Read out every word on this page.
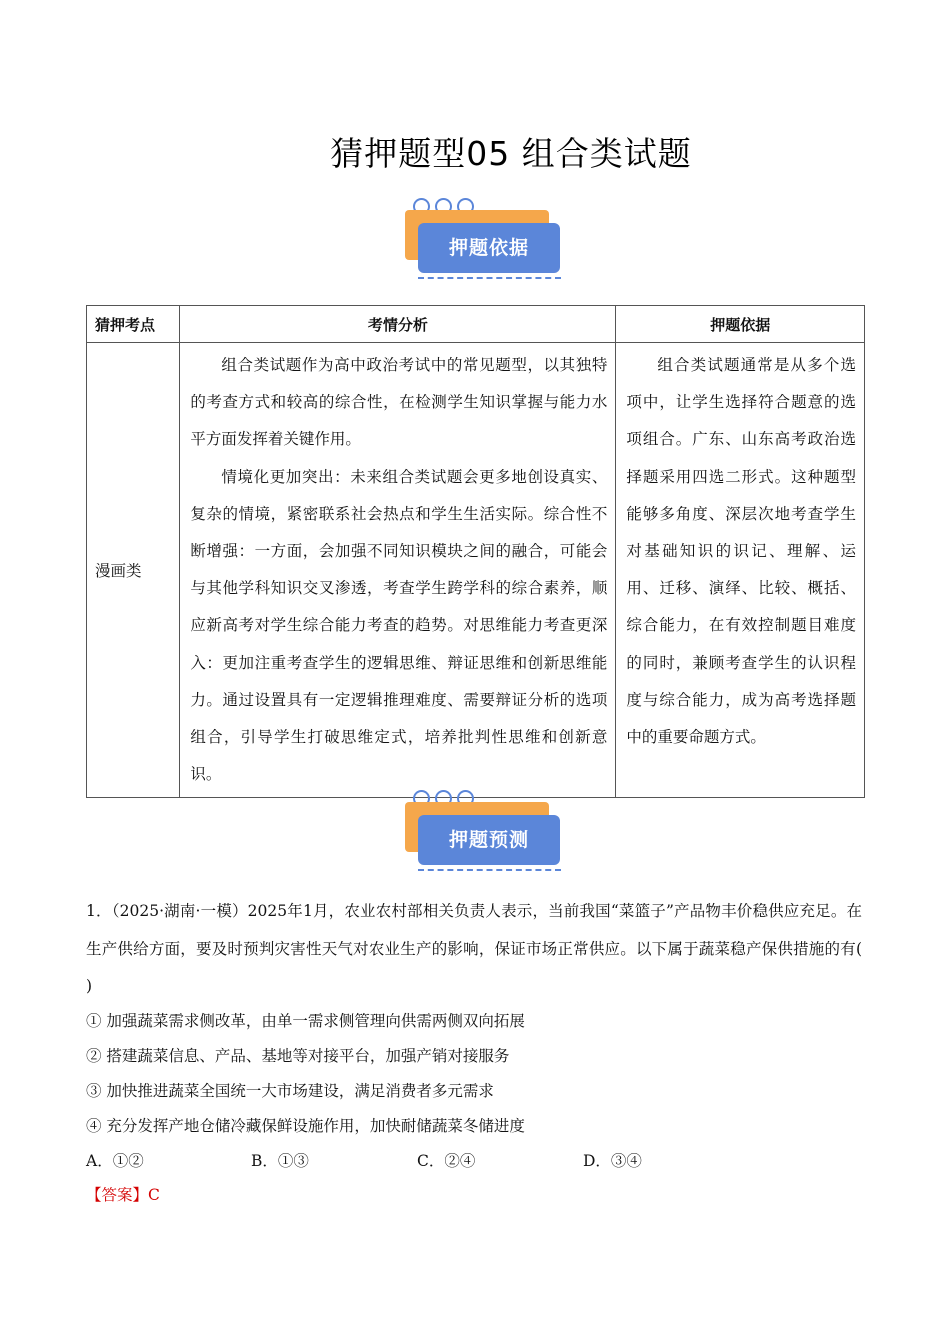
猜押题型05 组合类试题
押题依据
猜押考点	考情分析	押题依据
漫画类	组合类试题作为高中政治考试中的常见题型，以其独特的考查方式和较高的综合性，在检测学生知识掌握与能力水平方面发挥着关键作用。

情境化更加突出：未来组合类试题会更多地创设真实、复杂的情境，紧密联系社会热点和学生生活实际。综合性不断增强：一方面，会加强不同知识模块之间的融合，可能会与其他学科知识交叉渗透，考查学生跨学科的综合素养，顺应新高考对学生综合能力考查的趋势。对思维能力考查更深入：更加注重考查学生的逻辑思维、辩证思维和创新思维能力。通过设置具有一定逻辑推理难度、需要辩证分析的选项组合，引导学生打破思维定式，培养批判性思维和创新意识。	组合类试题通常是从多个选项中，让学生选择符合题意的选项组合。广东、山东高考政治选择题采用四选二形式。这种题型能够多角度、深层次地考查学生对基础知识的识记、理解、运用、迁移、演绎、比较、概括、综合能力，在有效控制题目难度的同时，兼顾考查学生的认识程度与综合能力，成为高考选择题中的重要命题方式。

押题预测
1．（2025·湖南·一模）2025年1月，农业农村部相关负责人表示，当前我国“菜篮子”产品物丰价稳供应充足。在生产供给方面，要及时预判灾害性天气对农业生产的影响，保证市场正常供应。以下属于蔬菜稳产保供措施的有( )
① 加强蔬菜需求侧改革，由单一需求侧管理向供需两侧双向拓展
② 搭建蔬菜信息、产品、基地等对接平台，加强产销对接服务
③ 加快推进蔬菜全国统一大市场建设，满足消费者多元需求
④ 充分发挥产地仓储冷藏保鲜设施作用，加快耐储蔬菜冬储进度
A．①②	B．①③	C．②④	D．③④
【答案】C
